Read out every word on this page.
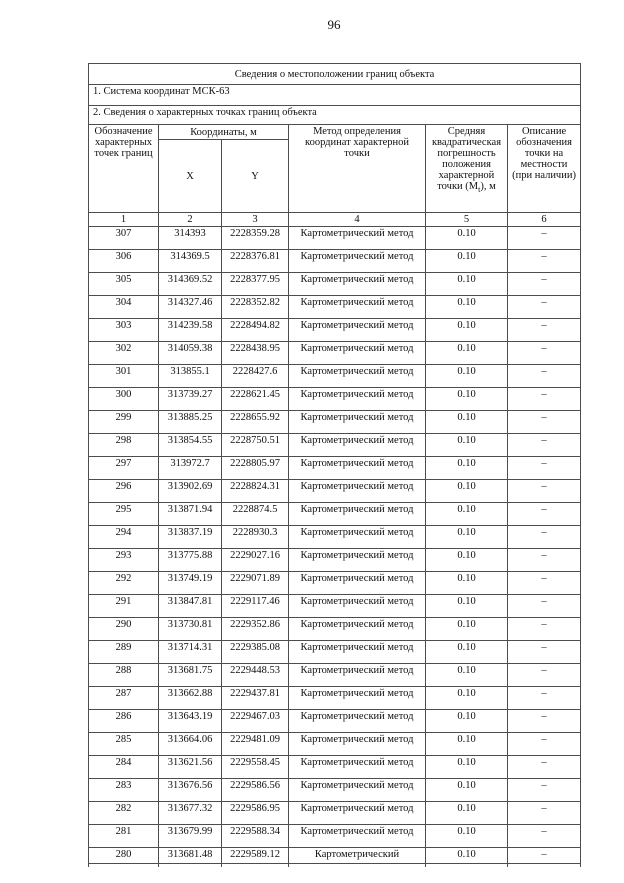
96
Сведения о местоположении границ объекта					
1. Система координат МСК-63					
2. Сведения о характерных точках границ объекта					
Обозначение характерных точек границ	Координаты, м		Метод определения координат характерной точки	Средняя квадратическая погрешность положения характерной точки $(M_t)$, м	Описание обозначения точки на местности (при наличии)
	X	Y			
1	2	3	4	5	6
307	314393	2228359.28	Картометрический метод	0.10	–
306	314369.5	2228376.81	Картометрический метод	0.10	–
305	314369.52	2228377.95	Картометрический метод	0.10	–
304	314327.46	2228352.82	Картометрический метод	0.10	–
303	314239.58	2228494.82	Картометрический метод	0.10	–
302	314059.38	2228438.95	Картометрический метод	0.10	–
301	313855.1	2228427.6	Картометрический метод	0.10	–
300	313739.27	2228621.45	Картометрический метод	0.10	–
299	313885.25	2228655.92	Картометрический метод	0.10	–
298	313854.55	2228750.51	Картометрический метод	0.10	–
297	313972.7	2228805.97	Картометрический метод	0.10	–
296	313902.69	2228824.31	Картометрический метод	0.10	–
295	313871.94	2228874.5	Картометрический метод	0.10	–
294	313837.19	2228930.3	Картометрический метод	0.10	–
293	313775.88	2229027.16	Картометрический метод	0.10	–
292	313749.19	2229071.89	Картометрический метод	0.10	–
291	313847.81	2229117.46	Картометрический метод	0.10	–
290	313730.81	2229352.86	Картометрический метод	0.10	–
289	313714.31	2229385.08	Картометрический метод	0.10	–
288	313681.75	2229448.53	Картометрический метод	0.10	–
287	313662.88	2229437.81	Картометрический метод	0.10	–
286	313643.19	2229467.03	Картометрический метод	0.10	–
285	313664.06	2229481.09	Картометрический метод	0.10	–
284	313621.56	2229558.45	Картометрический метод	0.10	–
283	313676.56	2229586.56	Картометрический метод	0.10	–
282	313677.32	2229586.95	Картометрический метод	0.10	–
281	313679.99	2229588.34	Картометрический метод	0.10	–
280	313681.48	2229589.12	Картометрический	0.10	–
